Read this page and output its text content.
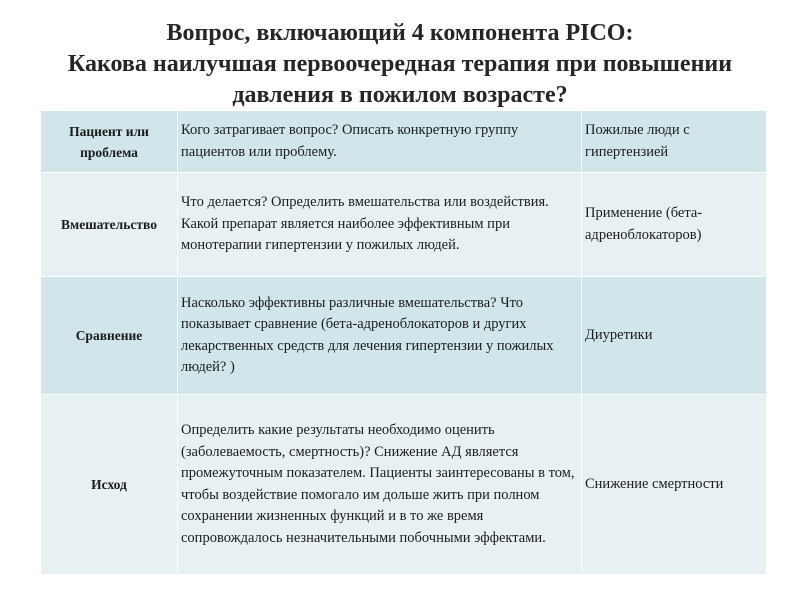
Вопрос, включающий 4 компонента PICO:
Какова наилучшая первоочередная терапия при повышении
давления в пожилом возрасте?
Пациент или проблема	Кого затрагивает вопрос? Описать конкретную группу пациентов или проблему.	Пожилые люди с гипертензией
Вмешательство	Что делается? Определить вмешательства или воздействия. Какой препарат является наиболее эффективным при монотерапии гипертензии у пожилых людей.	Применение (бета-адреноблокаторов)
Сравнение	Насколько эффективны различные вмешательства? Что показывает сравнение (бета-адреноблокаторов и других лекарственных средств для лечения гипертензии у пожилых людей? )	Диуретики
Исход	Определить какие результаты необходимо оценить (заболеваемость, смертность)? Снижение АД является промежуточным показателем. Пациенты заинтересованы в том, чтобы воздействие помогало им дольше жить при полном сохранении жизненных функций и в то же время сопровождалось незначительными побочными эффектами.	Снижение смертности
